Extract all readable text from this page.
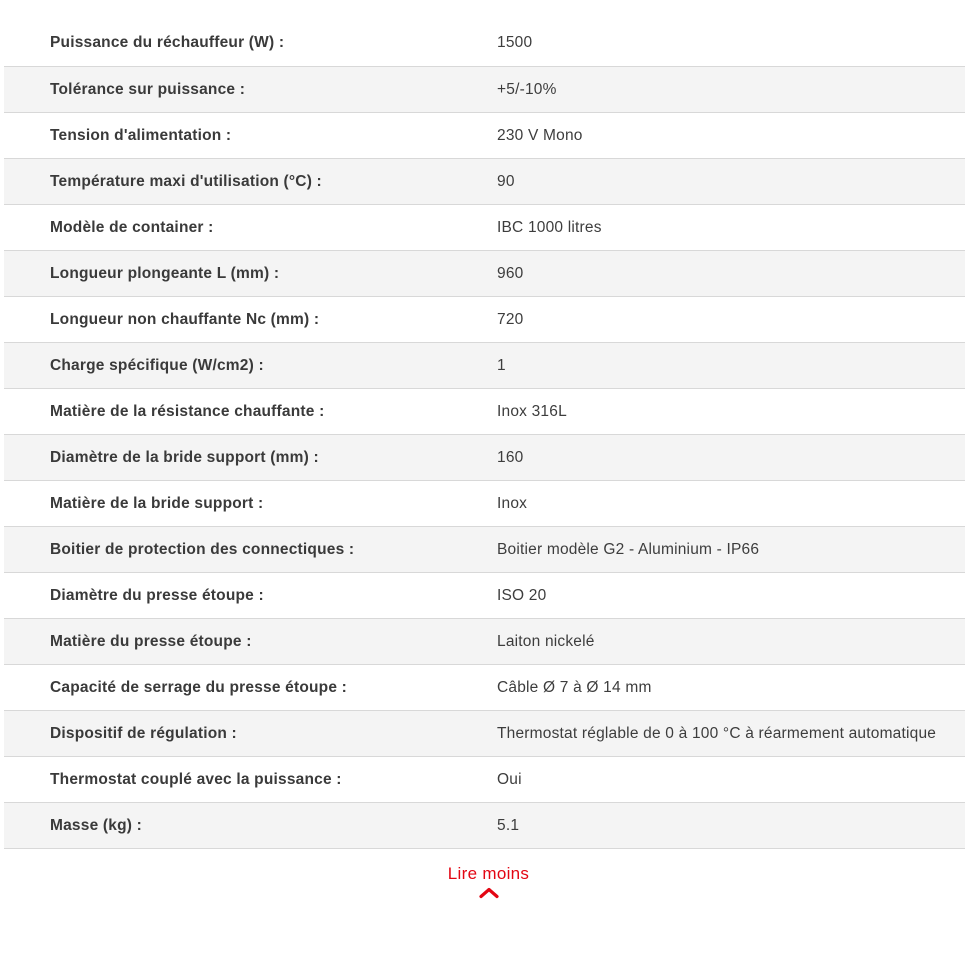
Puissance du réchauffeur (W) :	1500
Tolérance sur puissance :	+5/-10%
Tension d'alimentation :	230 V Mono
Température maxi d'utilisation (°C) :	90
Modèle de container :	IBC 1000 litres
Longueur plongeante L (mm) :	960
Longueur non chauffante Nc (mm) :	720
Charge spécifique (W/cm2) :	1
Matière de la résistance chauffante :	Inox 316L
Diamètre de la bride support (mm) :	160
Matière de la bride support :	Inox
Boitier de protection des connectiques :	Boitier modèle G2 - Aluminium - IP66
Diamètre du presse étoupe :	ISO 20
Matière du presse étoupe :	Laiton nickelé
Capacité de serrage du presse étoupe :	Câble Ø 7 à Ø 14 mm
Dispositif de régulation :	Thermostat réglable de 0 à 100 °C à réarmement automatique
Thermostat couplé avec la puissance :	Oui
Masse (kg) :	5.1
Lire moins
